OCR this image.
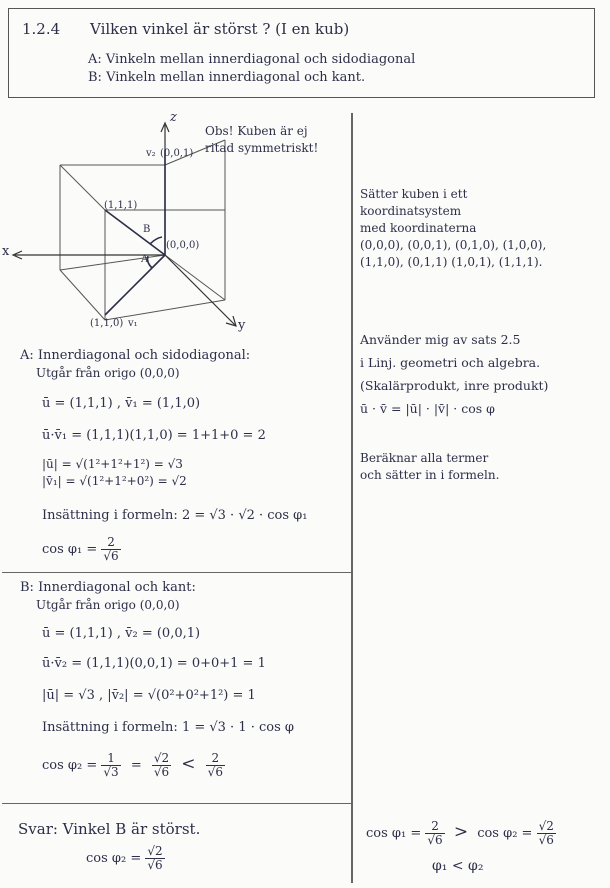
1.2.4 Vilken vinkel är störst ? (I en kub)
A: Vinkeln mellan innerdiagonal och sidodiagonal
B: Vinkeln mellan innerdiagonal och kant.
z
x
y
v₂ (0,0,1)
(1,1,1)
(0,0,0)
(1,1,0) v₁
A
B
Obs! Kuben är ej
ritad symmetriskt!
Sätter kuben i ett
koordinatsystem
med koordinaterna
(0,0,0), (0,0,1), (0,1,0), (1,0,0),
(1,1,0), (0,1,1) (1,0,1), (1,1,1).
Använder mig av sats 2.5
i Linj. geometri och algebra.
(Skalärprodukt, inre produkt)
ū · v̄ = |ū| · |v̄| · cos φ
Beräknar alla termer
och sätter in i formeln.
A: Innerdiagonal och sidodiagonal:
Utgår från origo (0,0,0)
ū = (1,1,1) , v̄₁ = (1,1,0)
ū·v̄₁ = (1,1,1)(1,1,0) = 1+1+0 = 2
|ū| = √(1²+1²+1²) = √3
|v̄₁| = √(1²+1²+0²) = √2
Insättning i formeln: 2 = √3 · √2 · cos φ₁
$\cos \varphi_1 = \frac{2}{√6}$
B: Innerdiagonal och kant:
Utgår från origo (0,0,0)
ū = (1,1,1) , v̄₂ = (0,0,1)
ū·v̄₂ = (1,1,1)(0,0,1) = 0+0+1 = 1
|ū| = √3 , |v̄₂| = √(0²+0²+1²) = 1
Insättning i formeln: 1 = √3 · 1 · cos φ
$\cos \varphi_2 = \frac{1}{√3} = \frac{√2}{√6} < \frac{2}{√6}$
Svar: Vinkel B är störst.
$\cos \varphi_2 = \frac{√2}{√6}$
$\cos \varphi_1 = \frac{2}{√6} > \cos \varphi_2 = \frac{√2}{√6}$
φ₁ < φ₂
